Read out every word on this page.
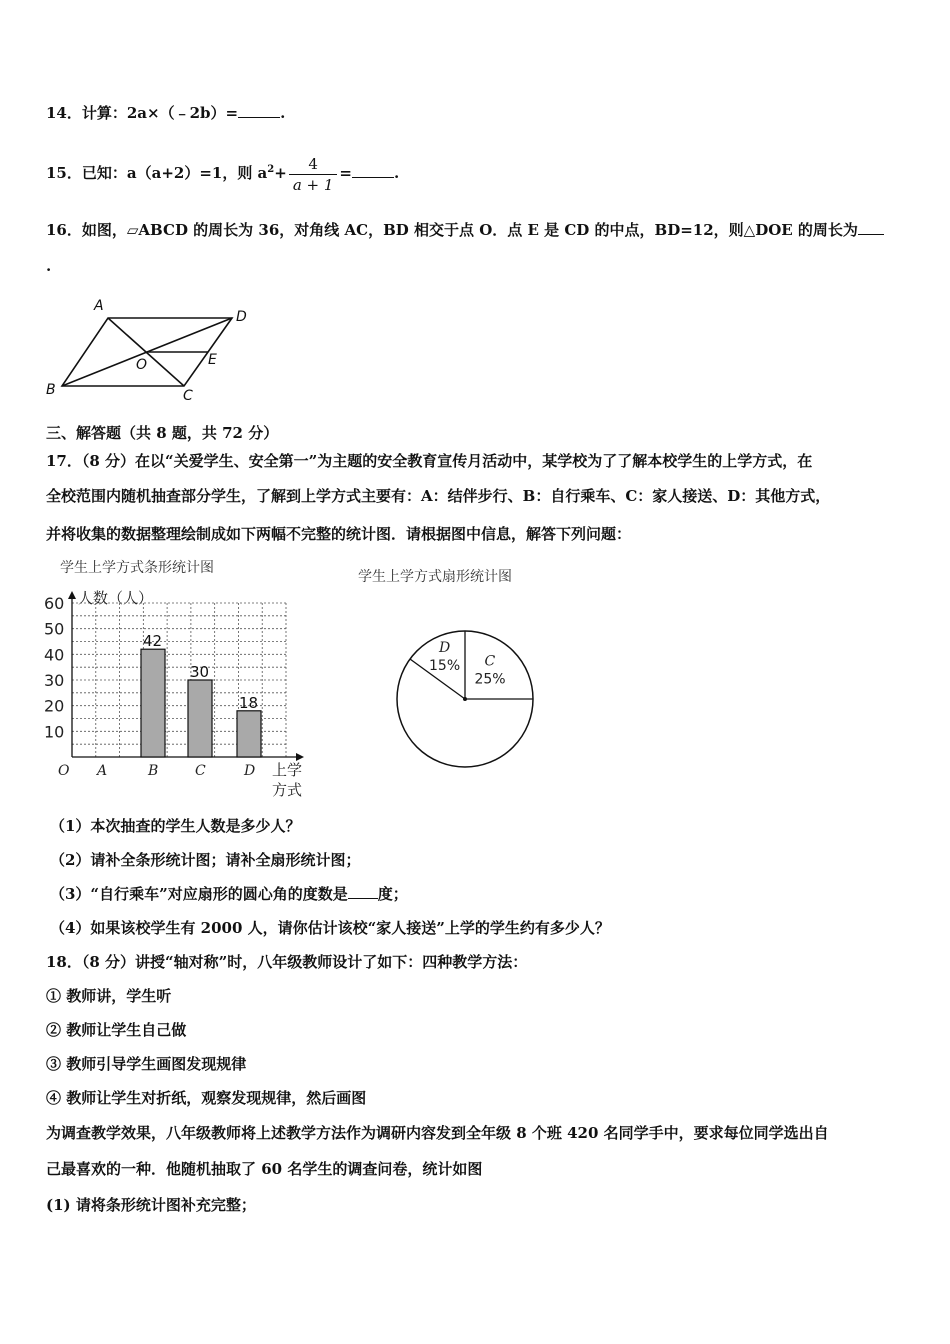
14．计算：2a×（﹣2b）=	.
15．已知：a（a+2）=1，则 $a^2+ \frac{4}{a + 1}$ =	.
16．如图，▱ABCD 的周长为 36，对角线 AC，BD 相交于点 O．点 E 是 CD 的中点，BD=12，则△DOE 的周长为
.
A
D
B	C
O	E
三、解答题（共 8 题，共 72 分）
17．（8 分）在以“关爱学生、安全第一”为主题的安全教育宣传月活动中，某学校为了了解本校学生的上学方式，在
全校范围内随机抽查部分学生，了解到上学方式主要有：A：结伴步行、B：自行乘车、C：家人接送、D：其他方式，
并将收集的数据整理绘制成如下两幅不完整的统计图．请根据图中信息，解答下列问题：
学生上学方式条形统计图
10
20
30
40
50
60
42
30
18
A	B	C	D
人数（人）
O	上学
方式
学生上学方式扇形统计图
C
25%
D
15%
（1）本次抽查的学生人数是多少人？
（2）请补全条形统计图；请补全扇形统计图；
（3）“自行乘车”对应扇形的圆心角的度数是 度；
（4）如果该校学生有 2000 人，请你估计该校“家人接送”上学的学生约有多少人？
18．（8 分）讲授“轴对称”时，八年级教师设计了如下：四种教学方法：
① 教师讲，学生听
② 教师让学生自己做
③ 教师引导学生画图发现规律
④ 教师让学生对折纸，观察发现规律，然后画图
为调查教学效果，八年级教师将上述教学方法作为调研内容发到全年级 8 个班 420 名同学手中，要求每位同学选出自
己最喜欢的一种．他随机抽取了 60 名学生的调查问卷，统计如图
(1) 请将条形统计图补充完整；
